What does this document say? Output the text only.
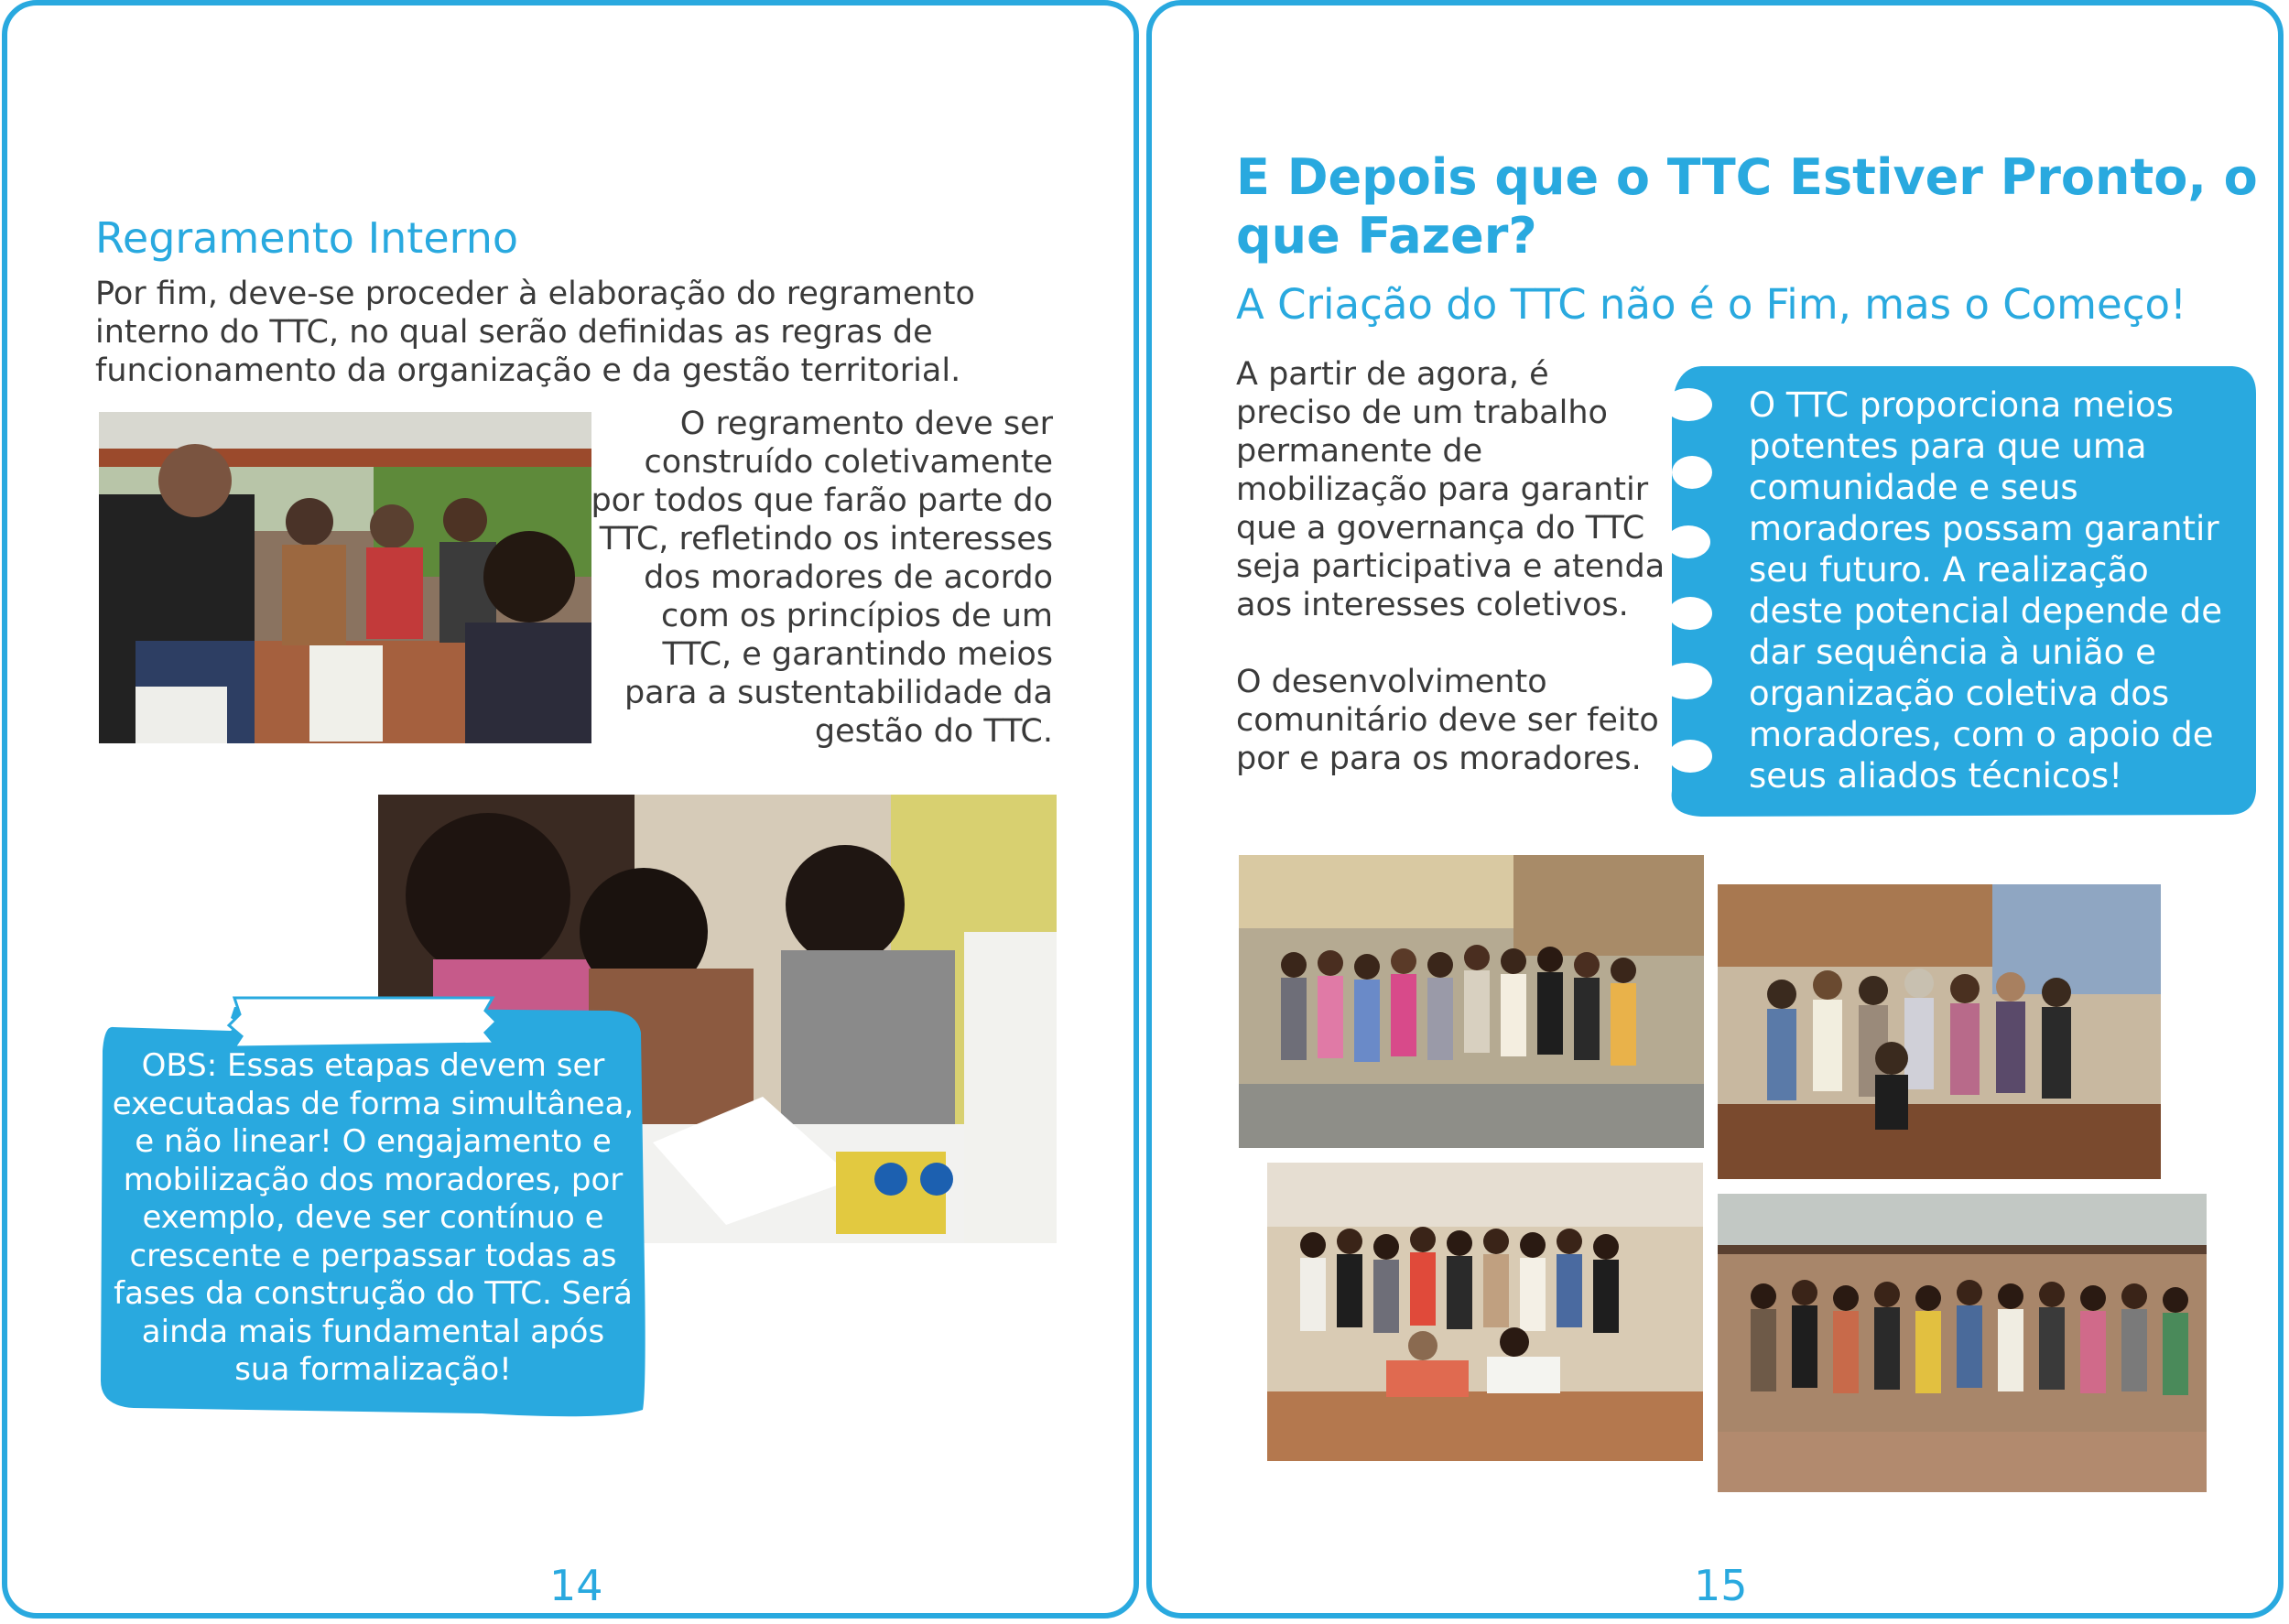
Regramento Interno
Por fim, deve-se proceder à elaboração do regramento interno do TTC, no qual serão definidas as regras de funcionamento da organização e da gestão territorial.
O regramento deve ser construído coletivamente por todos que farão parte do TTC, refletindo os interesses dos moradores de acordo com os princípios de um TTC, e garantindo meios para a sustentabilidade da gestão do TTC.
OBS: Essas etapas devem ser executadas de forma simultânea, e não linear! O engajamento e mobilização dos moradores, por exemplo, deve ser contínuo e crescente e perpassar todas as fases da construção do TTC. Será ainda mais fundamental após sua formalização!
14
E Depois que o TTC Estiver Pronto, o que Fazer?
A Criação do TTC não é o Fim, mas o Começo!
A partir de agora, é preciso de um trabalho permanente de mobilização para garantir que a governança do TTC seja participativa e atenda aos interesses coletivos.
O desenvolvimento comunitário deve ser feito por e para os moradores.
O TTC proporciona meios potentes para que uma comunidade e seus moradores possam garantir seu futuro. A realização deste potencial depende de dar sequência à união e organização coletiva dos moradores, com o apoio de seus aliados técnicos!
15
